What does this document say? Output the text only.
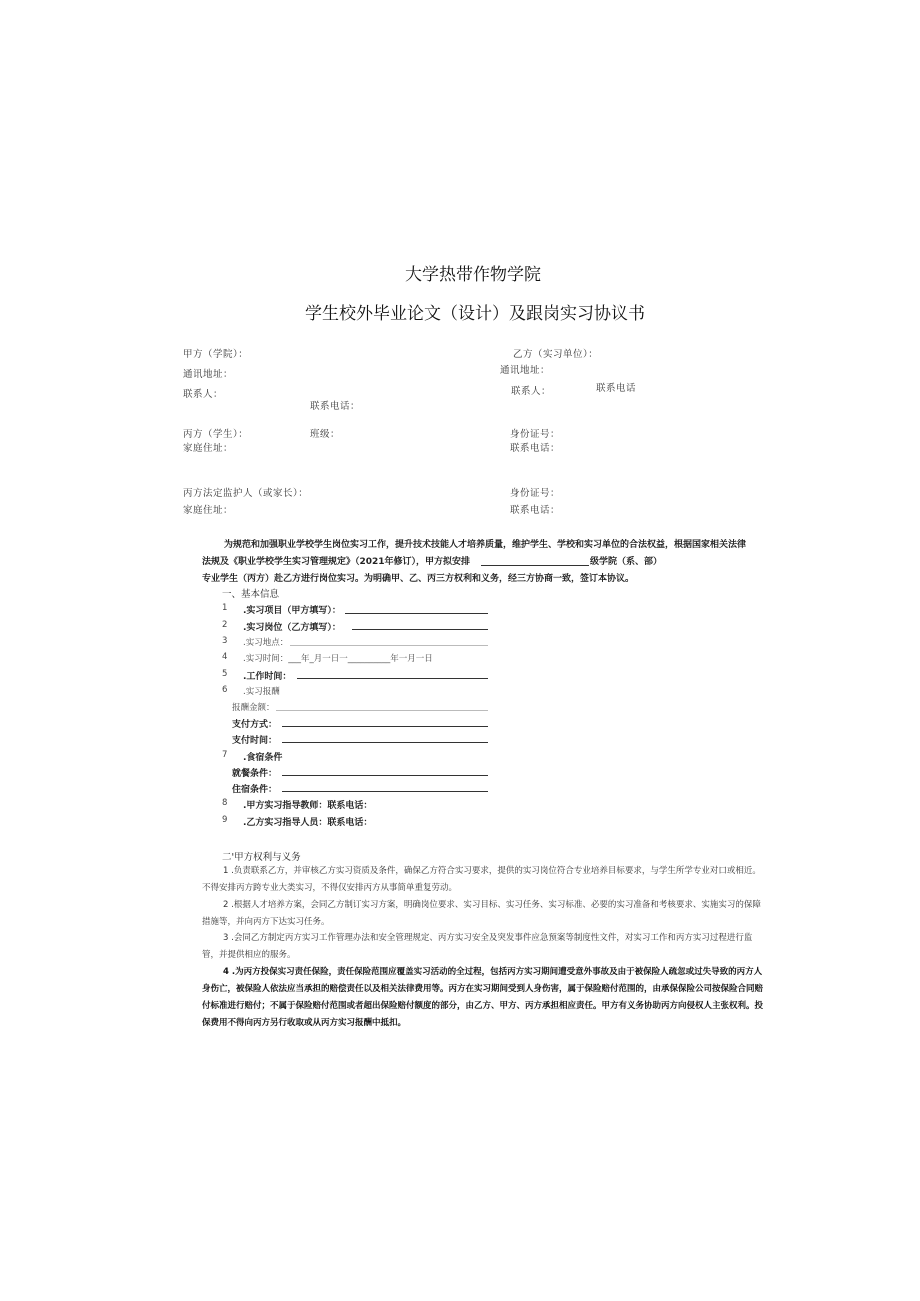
大学热带作物学院
学生校外毕业论文（设计）及跟岗实习协议书
甲方（学院）：	乙方（实习单位）：
通讯地址：	通讯地址：
联系人：	联系人：	联系电话
联系电话：
丙方（学生）：	班级：	身份证号：
家庭住址：	联系电话：
丙方法定监护人（或家长）：	身份证号：
家庭住址：	联系电话：
为规范和加强职业学校学生岗位实习工作，提升技术技能人才培养质量，维护学生、学校和实习单位的合法权益，根据国家相关法律
法规及《职业学校学生实习管理规定》（2021年修订），甲方拟安排	级学院（系、部）
专业学生（丙方）赴乙方进行岗位实习。为明确甲、乙、丙三方权利和义务，经三方协商一致，签订本协议。
一、基本信息
1 .实习项目（甲方填写）：
2 .实习岗位（乙方填写）：
3 .实习地点：
4 .实习时间：___年_月一日一__________年一月一日
5 .工作时间：
6 .实习报酬
报酬金额：
支付方式：
支付时间：
7 .食宿条件
就餐条件：
住宿条件：
8 .甲方实习指导教师：联系电话：
9 .乙方实习指导人员：联系电话：
二'甲方权利与义务
1 .负责联系乙方，并审核乙方实习资质及条件，确保乙方符合实习要求，提供的实习岗位符合专业培养目标要求，与学生所学专业对口或相近。不得安排丙方跨专业大类实习，不得仅安排丙方从事简单重复劳动。
2 .根据人才培养方案，会同乙方制订实习方案，明确岗位要求、实习目标、实习任务、实习标准、必要的实习准备和考核要求、实施实习的保障措施等，并向丙方下达实习任务。
3 .会同乙方制定丙方实习工作管理办法和安全管理规定、丙方实习安全及突发事件应急预案等制度性文件，对实习工作和丙方实习过程进行监管，并提供相应的服务。
4 .为丙方投保实习责任保险，责任保险范围应覆盖实习活动的全过程，包括丙方实习期间遭受意外事故及由于被保险人疏忽或过失导致的丙方人身伤亡，被保险人依法应当承担的赔偿责任以及相关法律费用等。丙方在实习期间受到人身伤害，属于保险赔付范围的，由承保保险公司按保险合同赔付标准进行赔付；不属于保险赔付范围或者超出保险赔付额度的部分，由乙方、甲方、丙方承担相应责任。甲方有义务协助丙方向侵权人主张权利。投保费用不得向丙方另行收取或从丙方实习报酬中抵扣。
